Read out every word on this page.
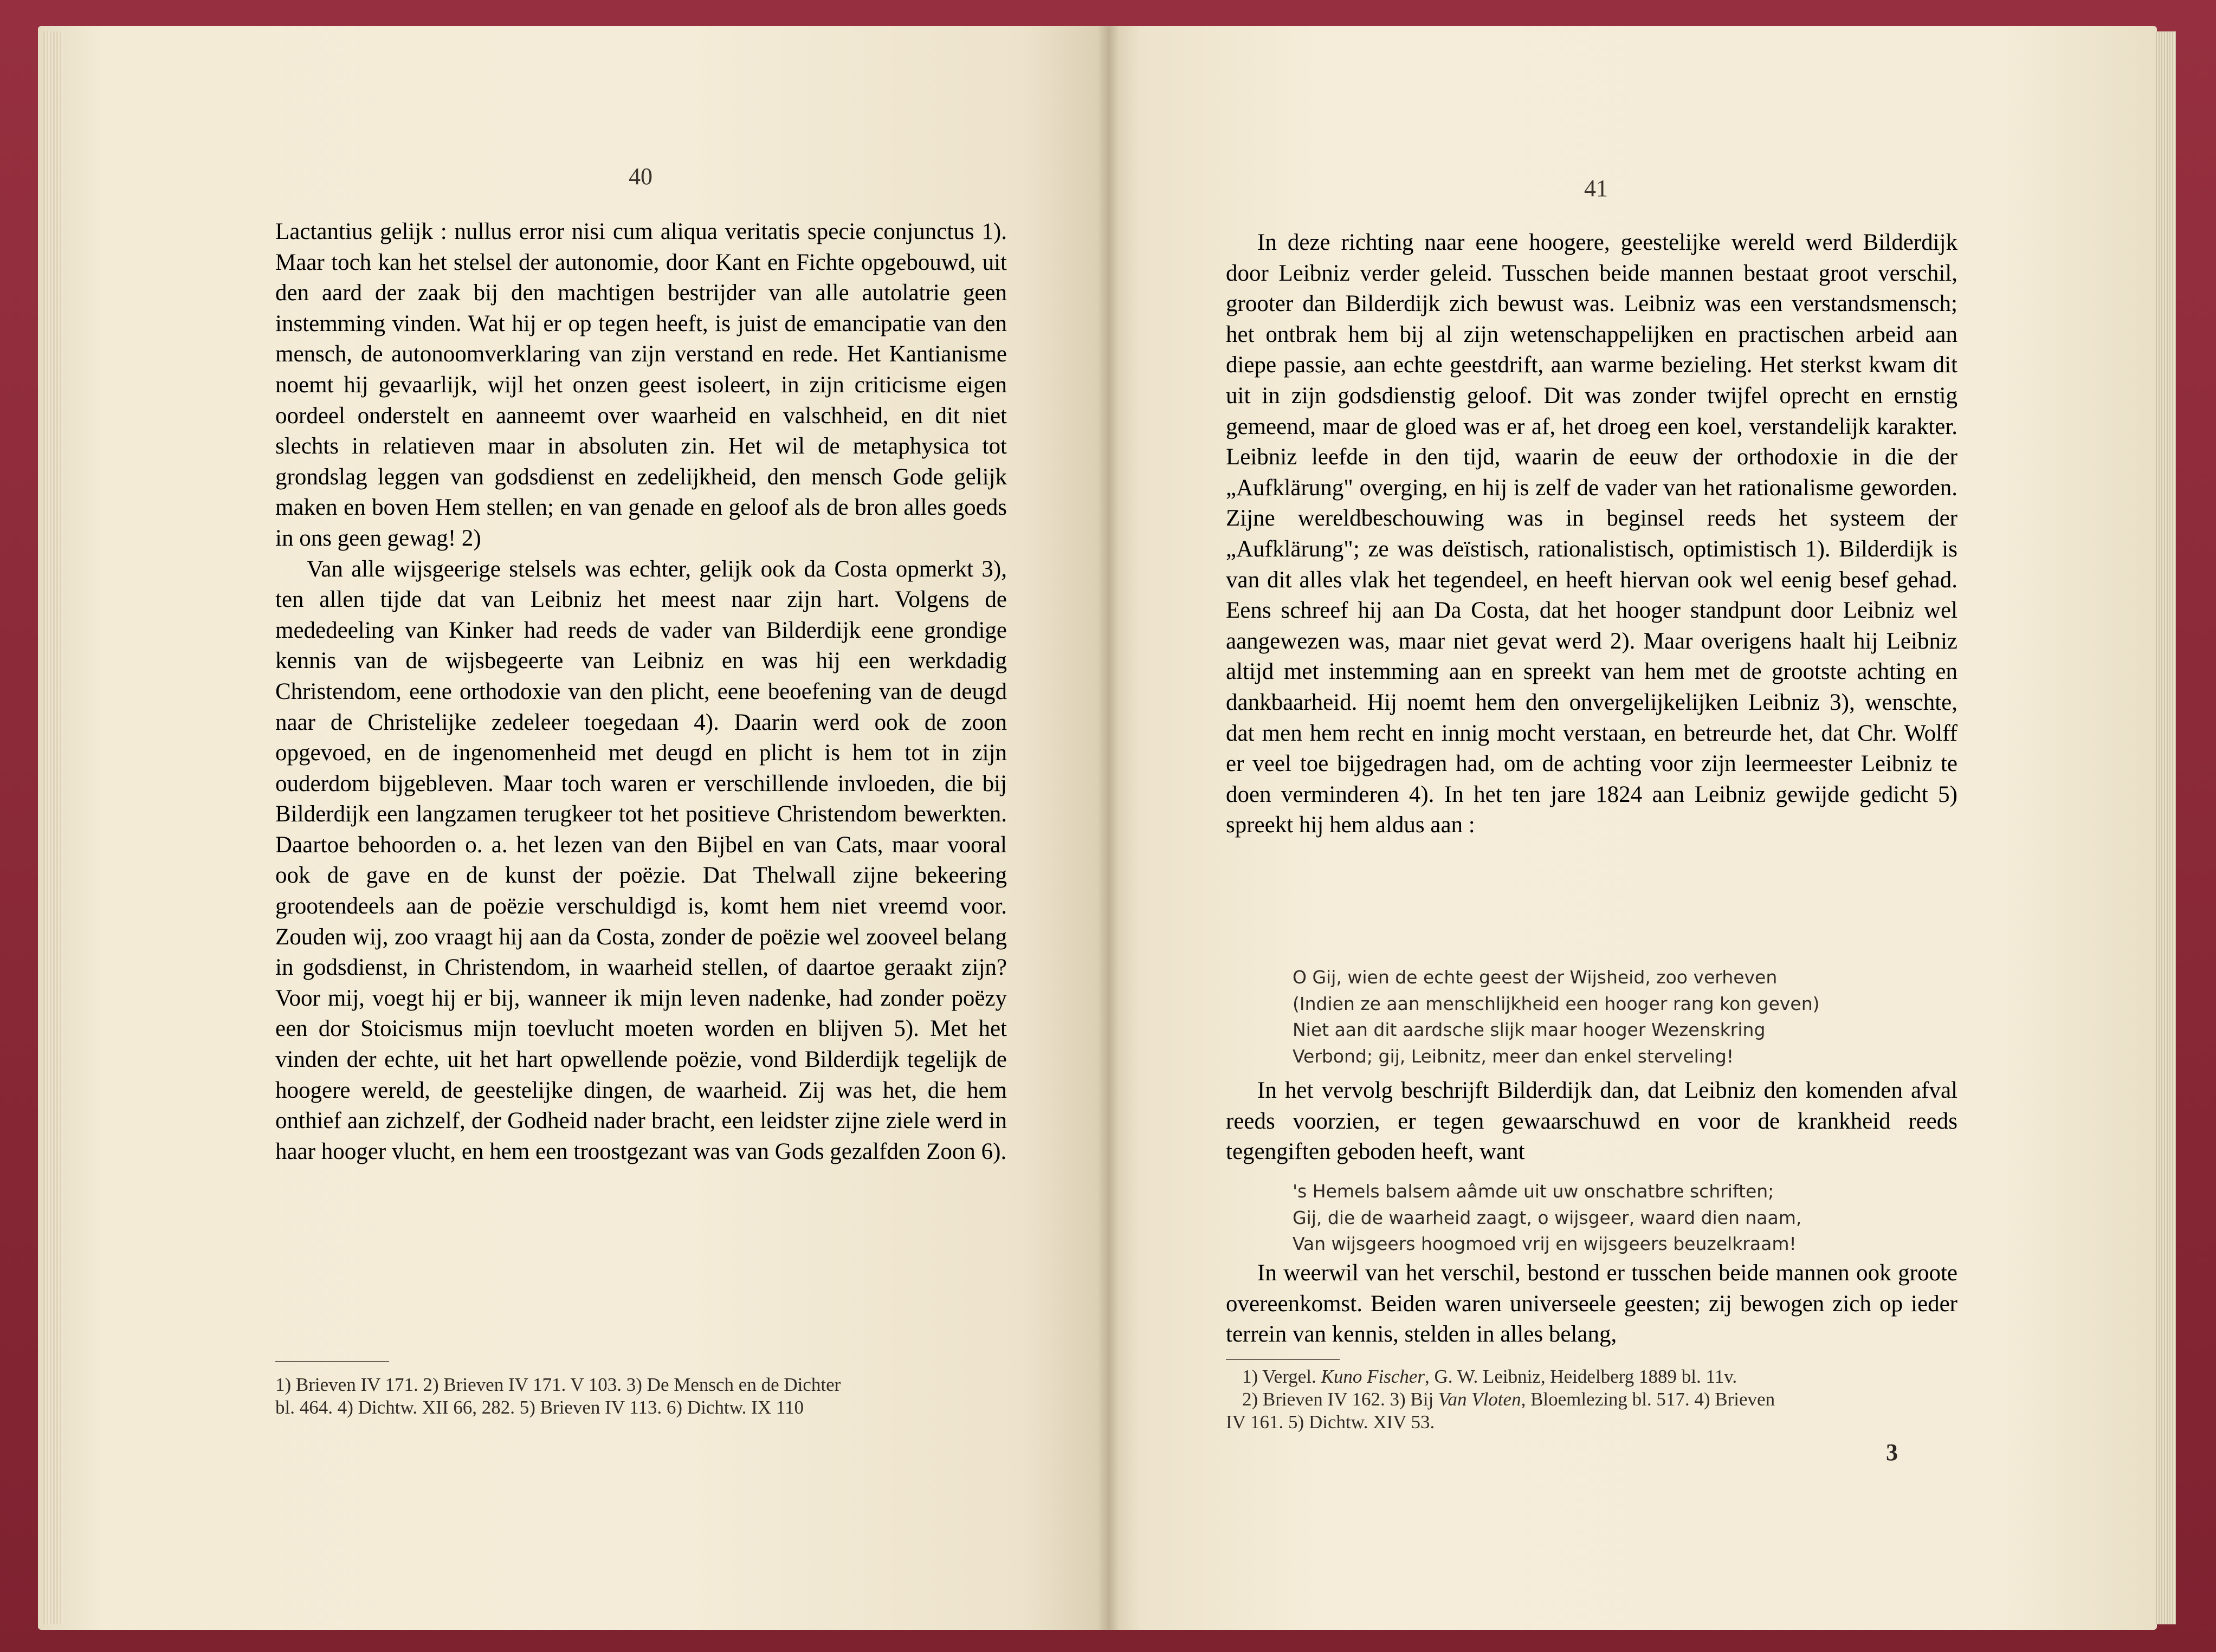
40

Lactantius gelijk : nullus error nisi cum aliqua veritatis specie conjunctus 1). Maar toch kan het stelsel der autonomie, door Kant en Fichte opgebouwd, uit den aard der zaak bij den machtigen bestrijder van alle autolatrie geen instemming vinden. Wat hij er op tegen heeft, is juist de emancipatie van den mensch, de autonoomverklaring van zijn verstand en rede. Het Kantianisme noemt hij gevaarlijk, wijl het onzen geest isoleert, in zijn criticisme eigen oordeel onderstelt en aanneemt over waarheid en valschheid, en dit niet slechts in relatieven maar in absoluten zin. Het wil de metaphysica tot grondslag leggen van godsdienst en zedelijkheid, den mensch Gode gelijk maken en boven Hem stellen; en van genade en geloof als de bron alles goeds in ons geen gewag! 2)

Van alle wijsgeerige stelsels was echter, gelijk ook da Costa opmerkt 3), ten allen tijde dat van Leibniz het meest naar zijn hart. Volgens de mededeeling van Kinker had reeds de vader van Bilderdijk eene grondige kennis van de wijsbegeerte van Leibniz en was hij een werkdadig Christendom, eene orthodoxie van den plicht, eene beoefening van de deugd naar de Christelijke zedeleer toegedaan 4). Daarin werd ook de zoon opgevoed, en de ingenomenheid met deugd en plicht is hem tot in zijn ouderdom bijgebleven. Maar toch waren er verschillende invloeden, die bij Bilderdijk een langzamen terugkeer tot het positieve Christendom bewerkten. Daartoe behoorden o. a. het lezen van den Bijbel en van Cats, maar vooral ook de gave en de kunst der poëzie. Dat Thelwall zijne bekeering grootendeels aan de poëzie verschuldigd is, komt hem niet vreemd voor. Zouden wij, zoo vraagt hij aan da Costa, zonder de poëzie wel zooveel belang in godsdienst, in Christendom, in waarheid stellen, of daartoe geraakt zijn? Voor mij, voegt hij er bij, wanneer ik mijn leven nadenke, had zonder poëzy een dor Stoicismus mijn toevlucht moeten worden en blijven 5). Met het vinden der echte, uit het hart opwellende poëzie, vond Bilderdijk tegelijk de hoogere wereld, de geestelijke dingen, de waarheid. Zij was het, die hem onthief aan zichzelf, der Godheid nader bracht, een leidster zijne ziele werd in haar hooger vlucht, en hem een troostgezant was van Gods gezalfden Zoon 6).

1) Brieven IV 171. 2) Brieven IV 171. V 103. 3) De Mensch en de Dichter
bl. 464. 4) Dichtw. XII 66, 282. 5) Brieven IV 113. 6) Dichtw. IX 110
41

In deze richting naar eene hoogere, geestelijke wereld werd Bilderdijk door Leibniz verder geleid. Tusschen beide mannen bestaat groot verschil, grooter dan Bilderdijk zich bewust was. Leibniz was een verstandsmensch; het ontbrak hem bij al zijn wetenschappelijken en practischen arbeid aan diepe passie, aan echte geestdrift, aan warme bezieling. Het sterkst kwam dit uit in zijn godsdienstig geloof. Dit was zonder twijfel oprecht en ernstig gemeend, maar de gloed was er af, het droeg een koel, verstandelijk karakter. Leibniz leefde in den tijd, waarin de eeuw der orthodoxie in die der „Aufklärung" overging, en hij is zelf de vader van het rationalisme geworden. Zijne wereldbeschouwing was in beginsel reeds het systeem der „Aufklärung"; ze was deïstisch, rationalistisch, optimistisch 1). Bilderdijk is van dit alles vlak het tegendeel, en heeft hiervan ook wel eenig besef gehad. Eens schreef hij aan Da Costa, dat het hooger standpunt door Leibniz wel aangewezen was, maar niet gevat werd 2). Maar overigens haalt hij Leibniz altijd met instemming aan en spreekt van hem met de grootste achting en dankbaarheid. Hij noemt hem den onvergelijkelijken Leibniz 3), wenschte, dat men hem recht en innig mocht verstaan, en betreurde het, dat Chr. Wolff er veel toe bijgedragen had, om de achting voor zijn leermeester Leibniz te doen verminderen 4). In het ten jare 1824 aan Leibniz gewijde gedicht 5) spreekt hij hem aldus aan :

O Gij, wien de echte geest der Wijsheid, zoo verheven
(Indien ze aan menschlijkheid een hooger rang kon geven)
Niet aan dit aardsche slijk maar hooger Wezenskring
Verbond; gij, Leibnitz, meer dan enkel sterveling!

In het vervolg beschrijft Bilderdijk dan, dat Leibniz den komenden afval reeds voorzien, er tegen gewaarschuwd en voor de krankheid reeds tegengiften geboden heeft, want

's Hemels balsem aâmde uit uw onschatbre schriften;
Gij, die de waarheid zaagt, o wijsgeer, waard dien naam,
Van wijsgeers hoogmoed vrij en wijsgeers beuzelkraam!

In weerwil van het verschil, bestond er tusschen beide mannen ook groote overeenkomst. Beiden waren universeele geesten; zij bewogen zich op ieder terrein van kennis, stelden in alles belang,

1) Vergel. Kuno Fischer, G. W. Leibniz, Heidelberg 1889 bl. 11v.
2) Brieven IV 162. 3) Bij Van Vloten, Bloemlezing bl. 517. 4) Brieven
IV 161. 5) Dichtw. XIV 53.
3
